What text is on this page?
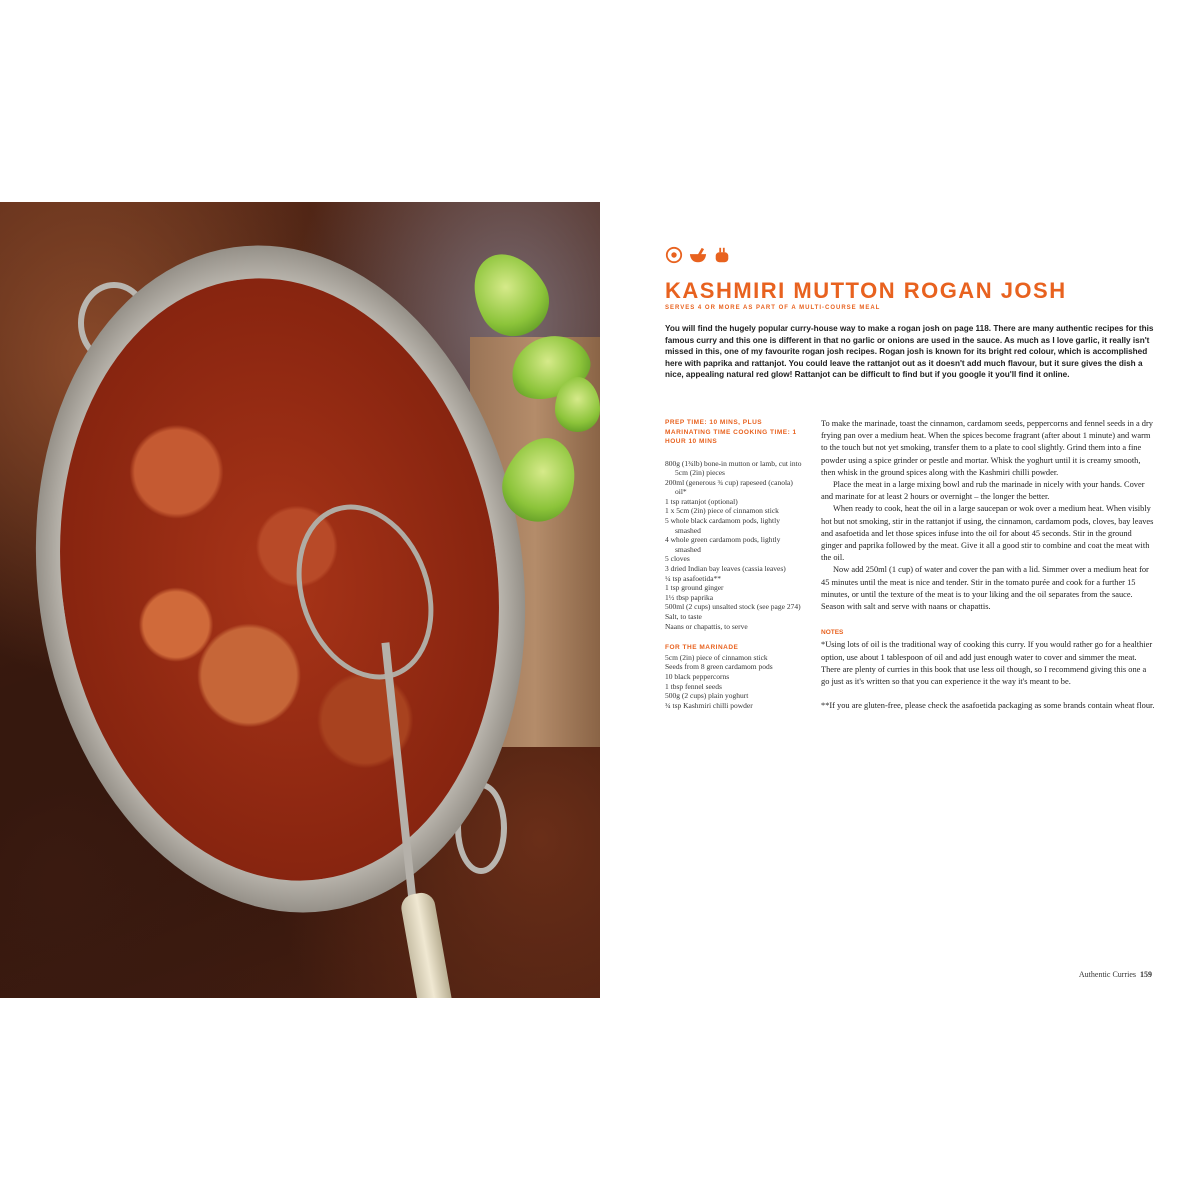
KASHMIRI MUTTON ROGAN JOSH
SERVES 4 OR MORE AS PART OF A MULTI-COURSE MEAL
You will find the hugely popular curry-house way to make a rogan josh on page 118. There are many authentic recipes for this famous curry and this one is different in that no garlic or onions are used in the sauce. As much as I love garlic, it really isn't missed in this, one of my favourite rogan josh recipes. Rogan josh is known for its bright red colour, which is accomplished here with paprika and rattanjot. You could leave the rattanjot out as it doesn't add much flavour, but it sure gives the dish a nice, appealing natural red glow! Rattanjot can be difficult to find but if you google it you'll find it online.
PREP TIME: 10 MINS, PLUS MARINATING TIME COOKING TIME: 1 HOUR 10 MINS
800g (1¾lb) bone-in mutton or lamb, cut into 5cm (2in) pieces
200ml (generous ¾ cup) rapeseed (canola) oil*
1 tsp rattanjot (optional)
1 x 5cm (2in) piece of cinnamon stick
5 whole black cardamom pods, lightly smashed
4 whole green cardamom pods, lightly smashed
5 cloves
3 dried Indian bay leaves (cassia leaves)
¼ tsp asafoetida**
1 tsp ground ginger
1½ tbsp paprika
500ml (2 cups) unsalted stock (see page 274)
Salt, to taste
Naans or chapattis, to serve
FOR THE MARINADE
5cm (2in) piece of cinnamon stick
Seeds from 8 green cardamom pods
10 black peppercorns
1 tbsp fennel seeds
500g (2 cups) plain yoghurt
¾ tsp Kashmiri chilli powder

To make the marinade, toast the cinnamon, cardamom seeds, peppercorns and fennel seeds in a dry frying pan over a medium heat. When the spices become fragrant (after about 1 minute) and warm to the touch but not yet smoking, transfer them to a plate to cool slightly. Grind them into a fine powder using a spice grinder or pestle and mortar. Whisk the yoghurt until it is creamy smooth, then whisk in the ground spices along with the Kashmiri chilli powder.

Place the meat in a large mixing bowl and rub the marinade in nicely with your hands. Cover and marinate for at least 2 hours or overnight – the longer the better.

When ready to cook, heat the oil in a large saucepan or wok over a medium heat. When visibly hot but not smoking, stir in the rattanjot if using, the cinnamon, cardamom pods, cloves, bay leaves and asafoetida and let those spices infuse into the oil for about 45 seconds. Stir in the ground ginger and paprika followed by the meat. Give it all a good stir to combine and coat the meat with the oil.

Now add 250ml (1 cup) of water and cover the pan with a lid. Simmer over a medium heat for 45 minutes until the meat is nice and tender. Stir in the tomato purée and cook for a further 15 minutes, or until the texture of the meat is to your liking and the oil separates from the sauce. Season with salt and serve with naans or chapattis.

NOTES

*Using lots of oil is the traditional way of cooking this curry. If you would rather go for a healthier option, use about 1 tablespoon of oil and add just enough water to cover and simmer the meat. There are plenty of curries in this book that use less oil though, so I recommend giving this one a go just as it's written so that you can experience it the way it's meant to be.

**If you are gluten-free, please check the asafoetida packaging as some brands contain wheat flour.

Authentic Curries 159
